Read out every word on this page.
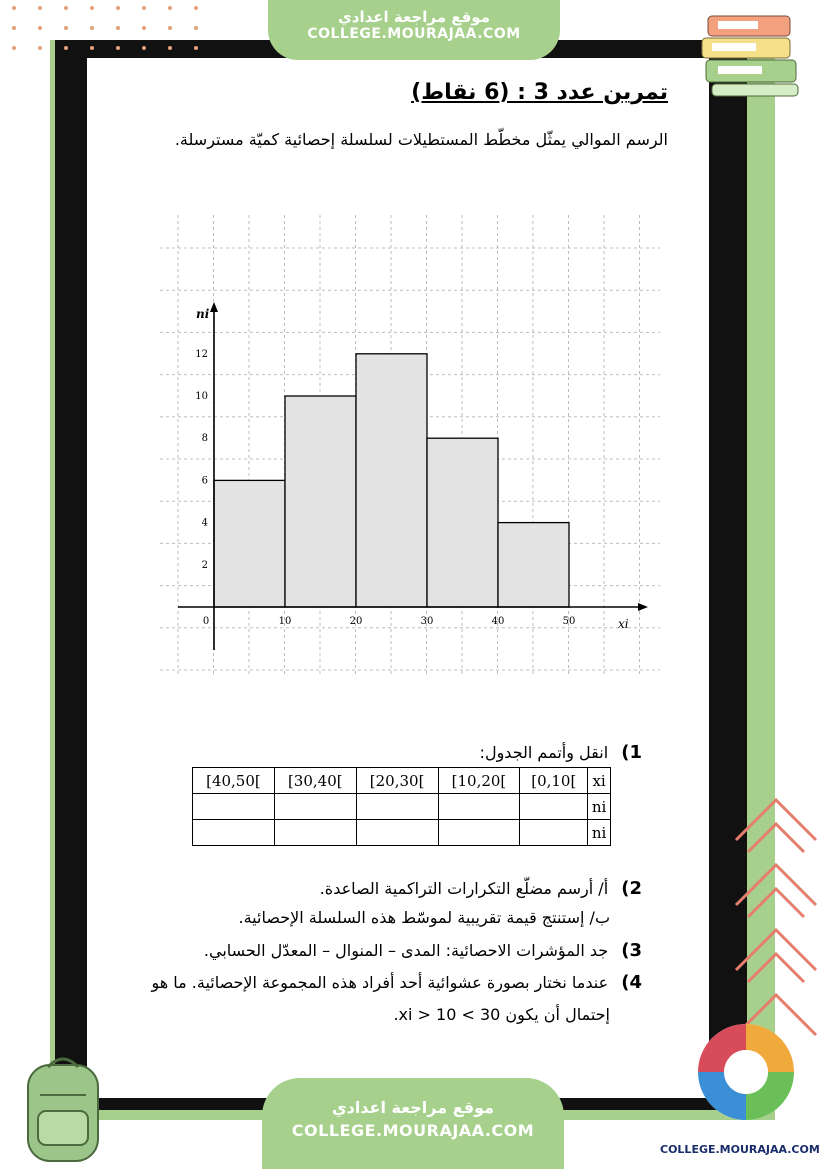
موقع مراجعة اعدادي
COLLEGE.MOURAJAA.COM
تمرين عدد 3 : (6 نقاط)
الرسم الموالي يمثّل مخطّط المستطيلات لسلسلة إحصائية كميّة مسترسلة.
0	10	20	30	40	50
2
4
6
8
10
12
xi
ni
1) انقل وأتمم الجدول:
[40,50[	[30,40[	[20,30[	[10,20[	[0,10[	xi
					ni
					ni
2) أ/ أرسم مضلّع التكرارات التراكمية الصاعدة.
ب/ إستنتج قيمة تقريبية لموسّط هذه السلسلة الإحصائية.
3) جد المؤشرات الاحصائية: المدى – المنوال – المعدّل الحسابي.
4) عندما نختار بصورة عشوائية أحد أفراد هذه المجموعة الإحصائية. ما هو
إحتمال أن يكون 30 > xi > 10.
موقع مراجعة اعدادي
COLLEGE.MOURAJAA.COM
COLLEGE.MOURAJAA.COM
